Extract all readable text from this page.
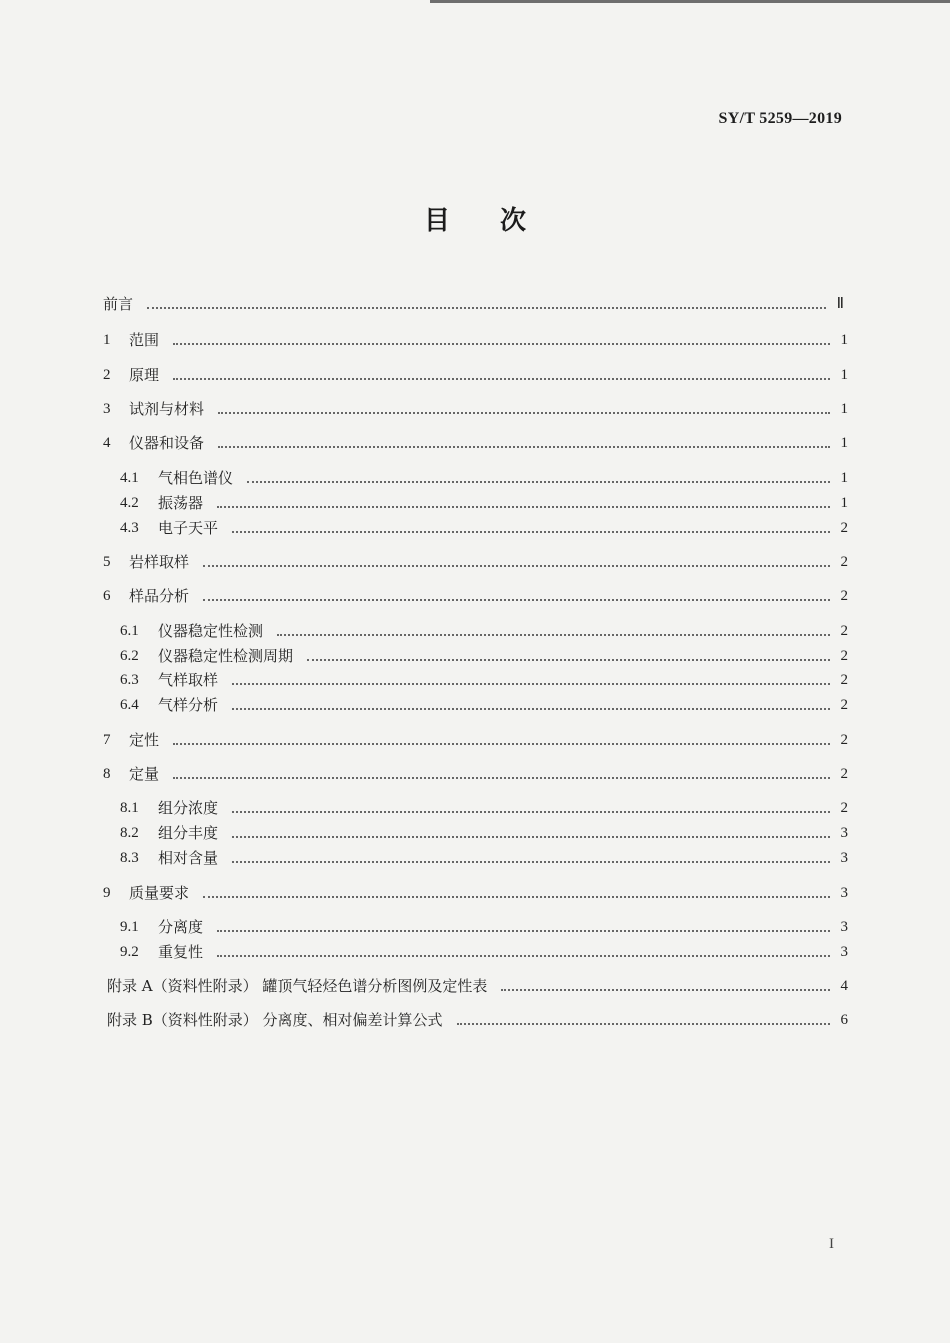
SY/T 5259—2019
目 次
前言	Ⅱ
1	范围	1
2	原理	1
3	试剂与材料	1
4	仪器和设备	1
4.1	气相色谱仪	1
4.2	振荡器	1
4.3	电子天平	2
5	岩样取样	2
6	样品分析	2
6.1	仪器稳定性检测	2
6.2	仪器稳定性检测周期	2
6.3	气样取样	2
6.4	气样分析	2
7	定性	2
8	定量	2
8.1	组分浓度	2
8.2	组分丰度	3
8.3	相对含量	3
9	质量要求	3
9.1	分离度	3
9.2	重复性	3
附录 A（资料性附录） 罐顶气轻烃色谱分析图例及定性表	4
附录 B（资料性附录） 分离度、相对偏差计算公式	6
I
